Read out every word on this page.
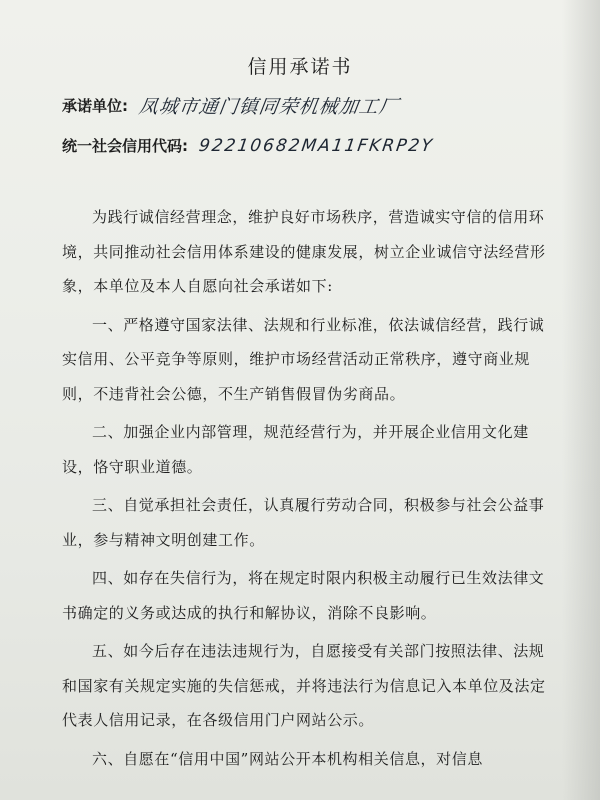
信用承诺书
承诺单位: 凤城市通门镇同荣机械加工厂
统一社会信用代码: 92210682MA11FKRP2Y

为践行诚信经营理念，维护良好市场秩序，营造诚实守信的信用环境，共同推动社会信用体系建设的健康发展，树立企业诚信守法经营形象，本单位及本人自愿向社会承诺如下:

一、严格遵守国家法律、法规和行业标准，依法诚信经营，践行诚实信用、公平竞争等原则，维护市场经营活动正常秩序，遵守商业规则，不违背社会公德，不生产销售假冒伪劣商品。

二、加强企业内部管理，规范经营行为，并开展企业信用文化建设，恪守职业道德。

三、自觉承担社会责任，认真履行劳动合同，积极参与社会公益事业，参与精神文明创建工作。

四、如存在失信行为，将在规定时限内积极主动履行已生效法律文书确定的义务或达成的执行和解协议，消除不良影响。

五、如今后存在违法违规行为，自愿接受有关部门按照法律、法规和国家有关规定实施的失信惩戒，并将违法行为信息记入本单位及法定代表人信用记录，在各级信用门户网站公示。

六、自愿在“信用中国”网站公开本机构相关信息，对信息
